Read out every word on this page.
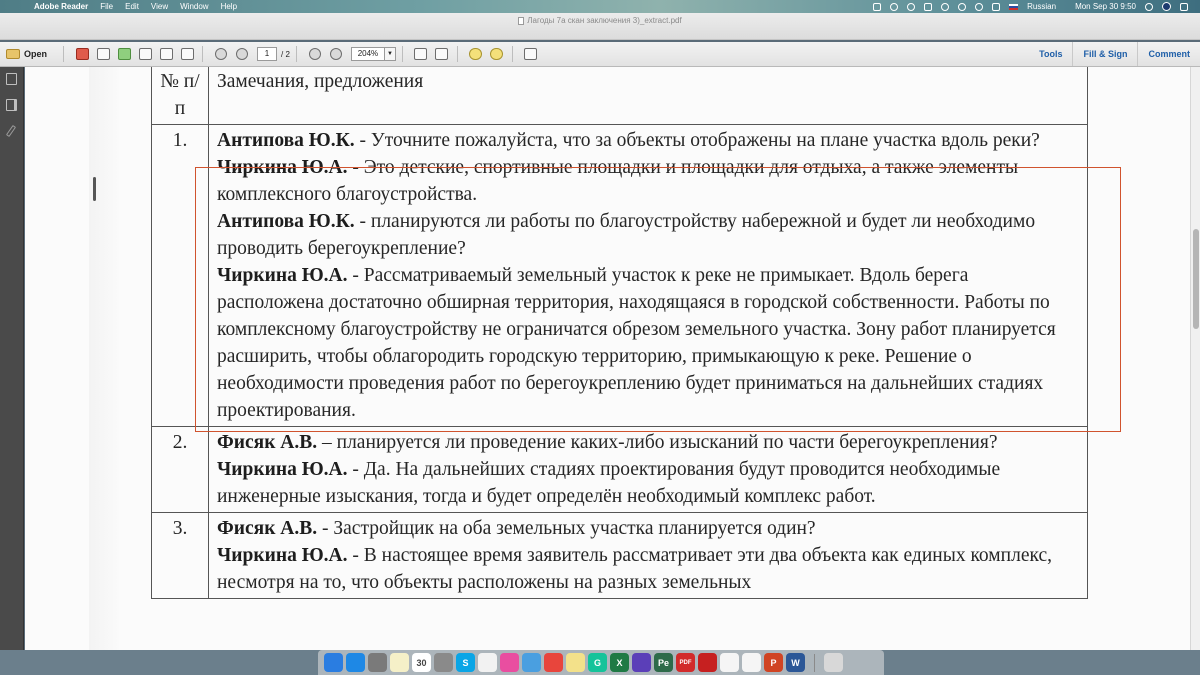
Adobe Reader File Edit View Window Help	Russian Mon Sep 30 9:50
Лагоды 7а скан заключения 3)_extract.pdf
Open	1	/ 2	204%	▼	Tools	Fill & Sign	Comment
№ п/п	Замечания, предложения
1.	Антипова Ю.К. - Уточните пожалуйста, что за объекты отображены на плане участка вдоль реки?
Чиркина Ю.А. - Это детские, спортивные площадки и площадки для отдыха, а также элементы комплексного благоустройства.
Антипова Ю.К. - планируются ли работы по благоустройству набережной и будет ли необходимо проводить берегоукрепление?
Чиркина Ю.А. - Рассматриваемый земельный участок к реке не примыкает. Вдоль берега расположена достаточно обширная территория, находящаяся в городской собственности. Работы по комплексному благоустройству не ограничатся обрезом земельного участка. Зону работ планируется расширить, чтобы облагородить городскую территорию, примыкающую к реке. Решение о необходимости проведения работ по берегоукреплению будет приниматься на дальнейших стадиях проектирования.

2.	Фисяк А.В. – планируется ли проведение каких-либо изысканий по части берегоукрепления?
Чиркина Ю.А. - Да. На дальнейших стадиях проектирования будут проводится необходимые инженерные изыскания, тогда и будет определён необходимый комплекс работ.

3.	Фисяк А.В. - Застройщик на оба земельных участка планируется один?
Чиркина Ю.А. - В настоящее время заявитель рассматривает эти два объекта как единых комплекс, несмотря на то, что объекты расположены на разных земельных
30	S	G	X	Pe	PDF	P	W
